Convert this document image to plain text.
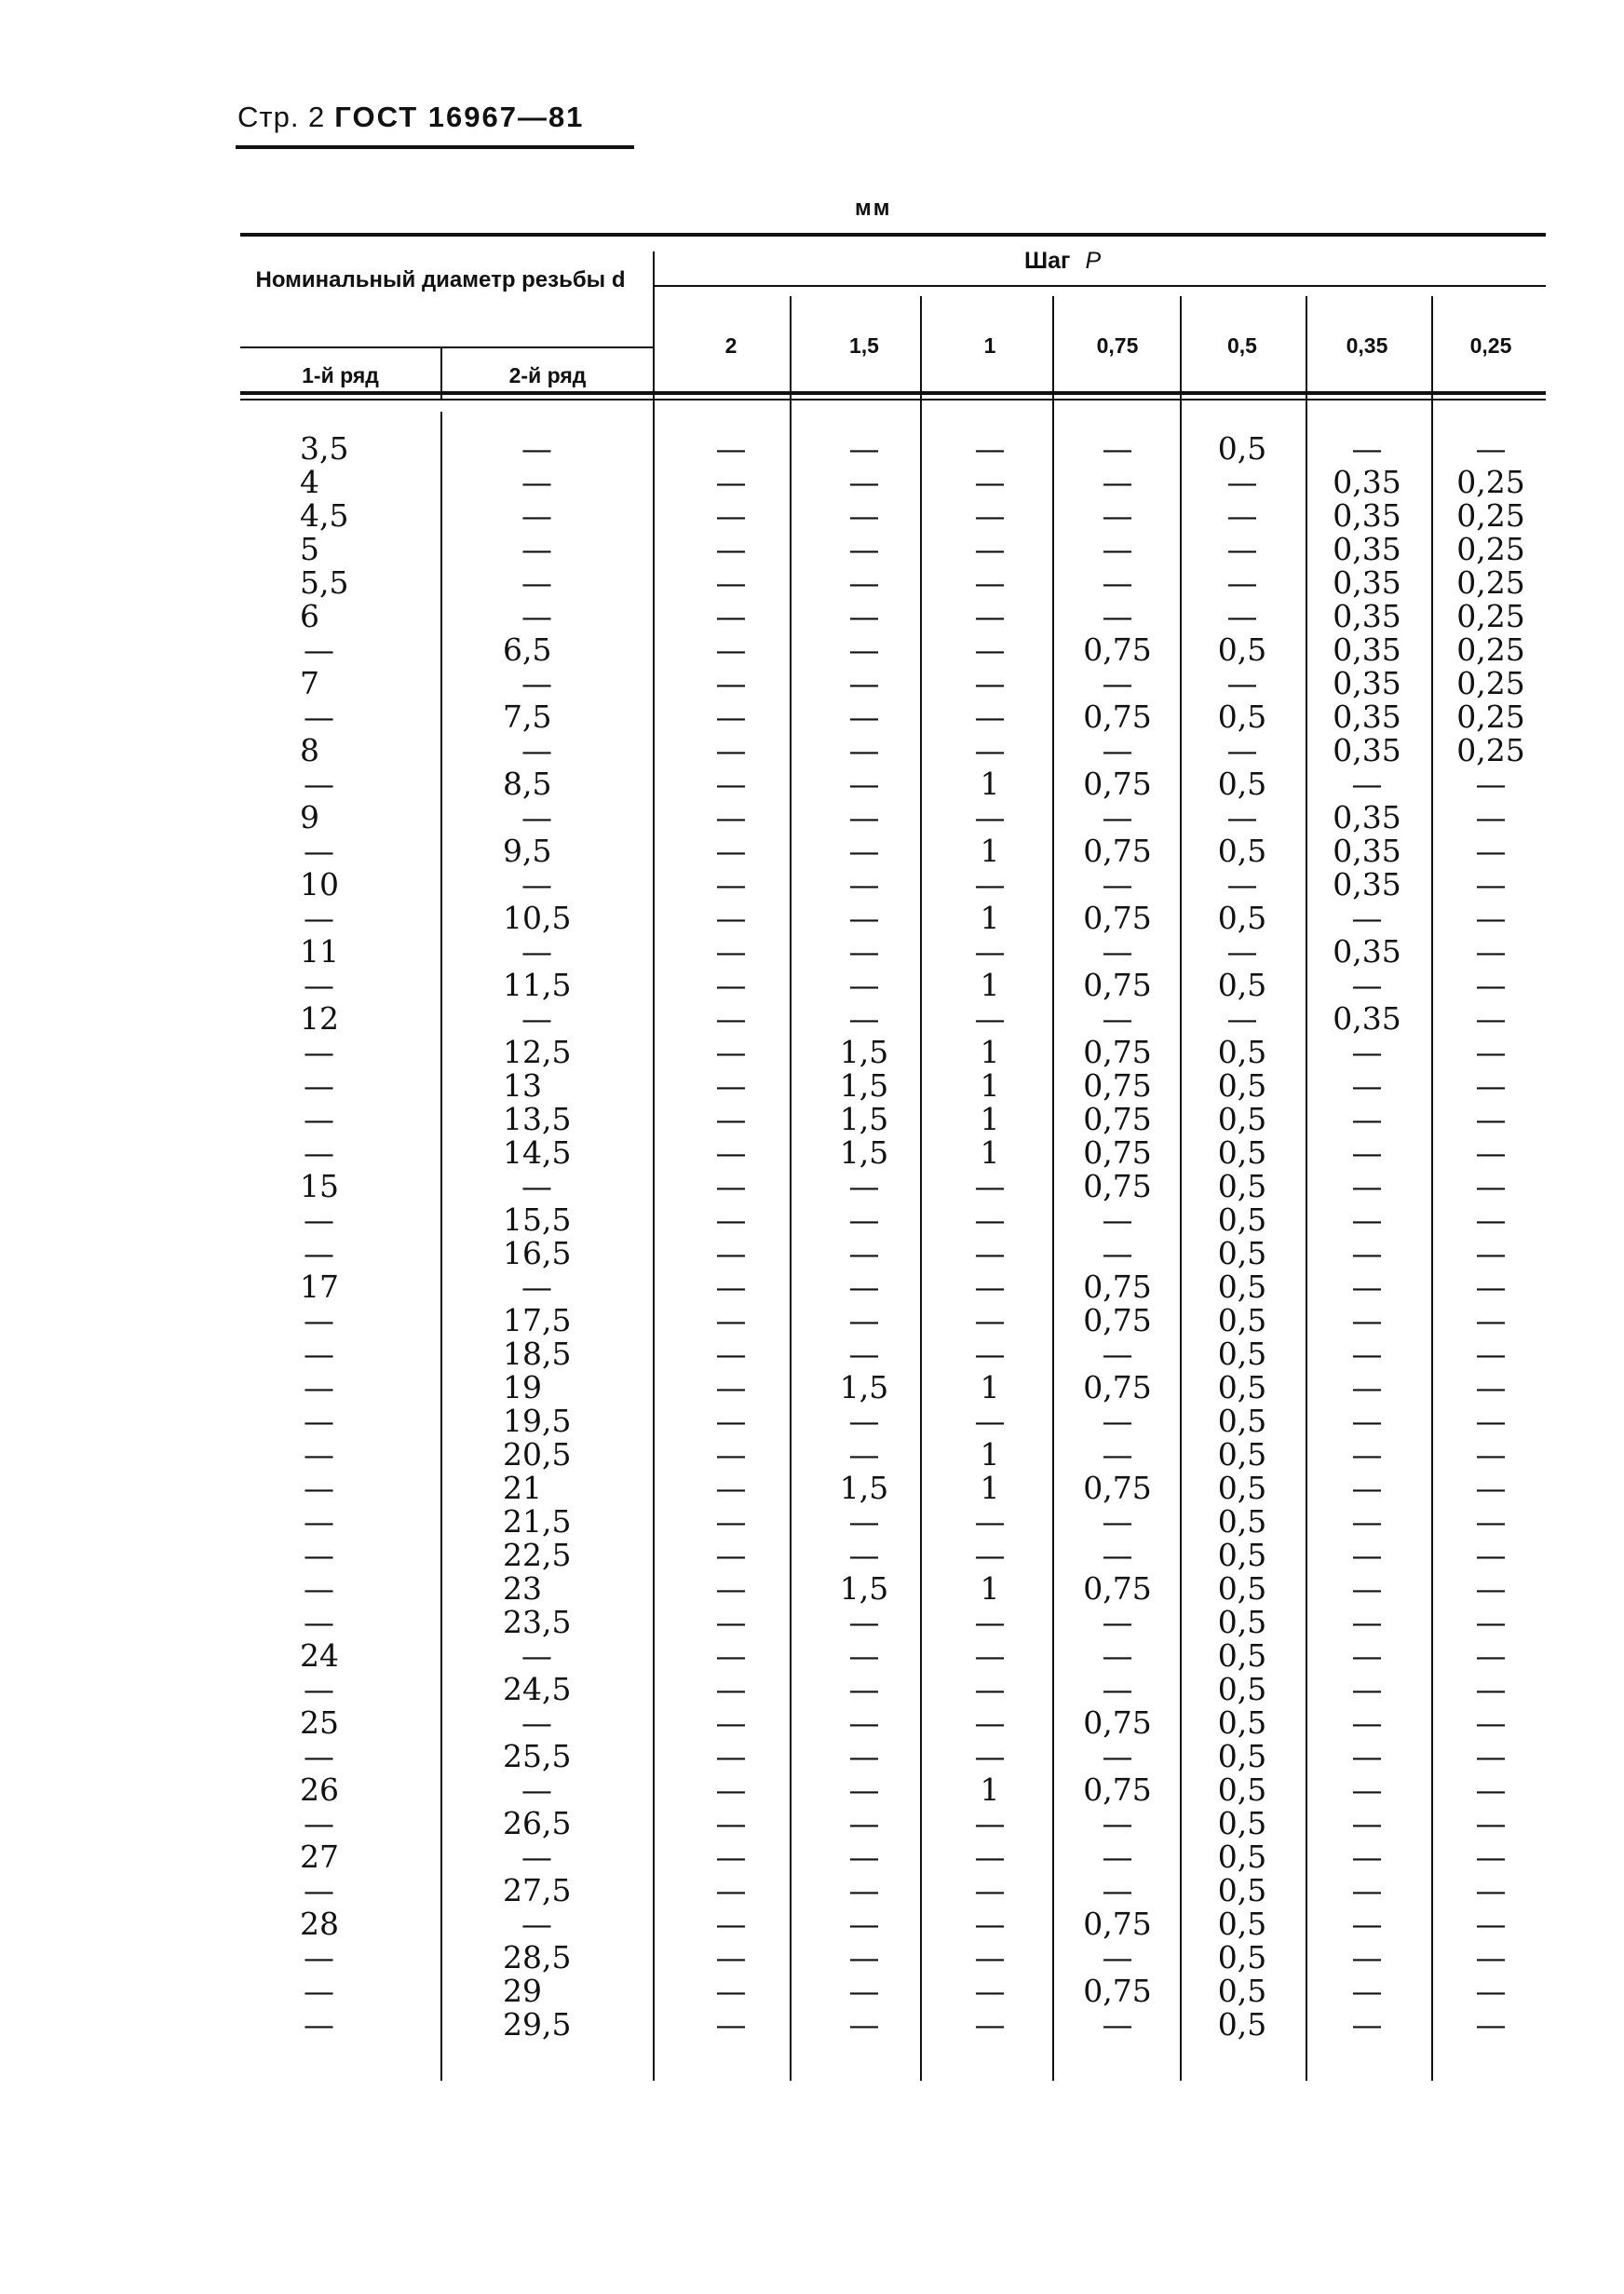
Стр. 2 ГОСТ 16967—81
мм
Номинальный диаметр резьбы d
1-й ряд	2-й ряд
Шаг P
2	1,5	1	0,75	0,5	0,35	0,25
3,5	—	—	—	—	—	0,5	—	—
4	—	—	—	—	—	—	0,35	0,25
4,5	—	—	—	—	—	—	0,35	0,25
5	—	—	—	—	—	—	0,35	0,25
5,5	—	—	—	—	—	—	0,35	0,25
6	—	—	—	—	—	—	0,35	0,25
—	6,5	—	—	—	0,75	0,5	0,35	0,25
7	—	—	—	—	—	—	0,35	0,25
—	7,5	—	—	—	0,75	0,5	0,35	0,25
8	—	—	—	—	—	—	0,35	0,25
—	8,5	—	—	1	0,75	0,5	—	—
9	—	—	—	—	—	—	0,35	—
—	9,5	—	—	1	0,75	0,5	0,35	—
10	—	—	—	—	—	—	0,35	—
—	10,5	—	—	1	0,75	0,5	—	—
11	—	—	—	—	—	—	0,35	—
—	11,5	—	—	1	0,75	0,5	—	—
12	—	—	—	—	—	—	0,35	—
—	12,5	—	1,5	1	0,75	0,5	—	—
—	13	—	1,5	1	0,75	0,5	—	—
—	13,5	—	1,5	1	0,75	0,5	—	—
—	14,5	—	1,5	1	0,75	0,5	—	—
15	—	—	—	—	0,75	0,5	—	—
—	15,5	—	—	—	—	0,5	—	—
—	16,5	—	—	—	—	0,5	—	—
17	—	—	—	—	0,75	0,5	—	—
—	17,5	—	—	—	0,75	0,5	—	—
—	18,5	—	—	—	—	0,5	—	—
—	19	—	1,5	1	0,75	0,5	—	—
—	19,5	—	—	—	—	0,5	—	—
—	20,5	—	—	1	—	0,5	—	—
—	21	—	1,5	1	0,75	0,5	—	—
—	21,5	—	—	—	—	0,5	—	—
—	22,5	—	—	—	—	0,5	—	—
—	23	—	1,5	1	0,75	0,5	—	—
—	23,5	—	—	—	—	0,5	—	—
24	—	—	—	—	—	0,5	—	—
—	24,5	—	—	—	—	0,5	—	—
25	—	—	—	—	0,75	0,5	—	—
—	25,5	—	—	—	—	0,5	—	—
26	—	—	—	1	0,75	0,5	—	—
—	26,5	—	—	—	—	0,5	—	—
27	—	—	—	—	—	0,5	—	—
—	27,5	—	—	—	—	0,5	—	—
28	—	—	—	—	0,75	0,5	—	—
—	28,5	—	—	—	—	0,5	—	—
—	29	—	—	—	0,75	0,5	—	—
—	29,5	—	—	—	—	0,5	—	—
